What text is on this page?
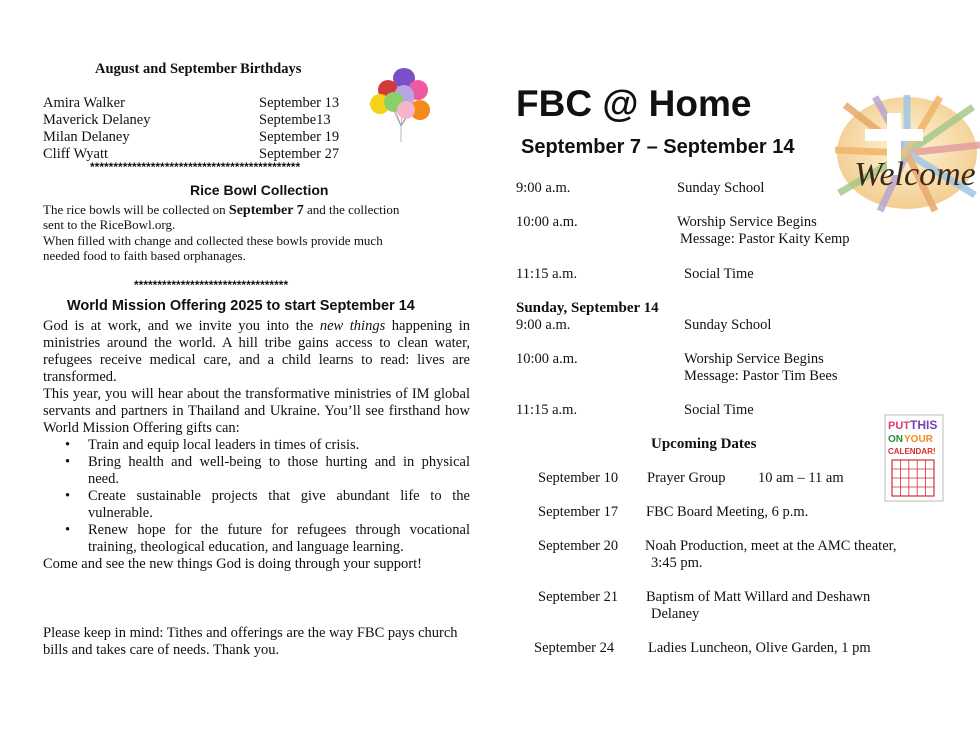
August and September Birthdays
Amira Walker	September 13
Maverick Delaney	Septembe13
Milan Delaney	September 19
Cliff Wyatt	September 27
*********************************************
Rice Bowl Collection
The rice bowls will be collected on September 7 and the collection
sent to the RiceBowl.org.
When filled with change and collected these bowls provide much
needed food to faith based orphanages.
*********************************
World Mission Offering 2025 to start September 14
God is at work, and we invite you into the new things happening in ministries around the world. A hill tribe gains access to clean water, refugees receive medical care, and a child learns to read: lives are transformed.
This year, you will hear about the transformative ministries of IM global servants and partners in Thailand and Ukraine. You’ll see firsthand how World Mission Offering gifts can:
• Train and equip local leaders in times of crisis.
• Bring health and well-being to those hurting and in physical need.
• Create sustainable projects that give abundant life to the vulnerable.
• Renew hope for the future for refugees through vocational training, theological education, and language learning.
Come and see the new things God is doing through your support!
Please keep in mind: Tithes and offerings are the way FBC pays church bills and takes care of needs. Thank you.
FBC @ Home
September 7 – September 14
Welcome
9:00 a.m.	Sunday School
10:00 a.m.	Worship Service Begins
Message: Pastor Kaity Kemp
11:15 a.m.	Social Time
Sunday, September 14
9:00 a.m.	Sunday School
10:00 a.m.	Worship Service Begins
Message: Pastor Tim Bees
11:15 a.m.	Social Time
Upcoming Dates
PUT THIS
ON YOUR
CALENDAR!
September 10 Prayer Group 10 am – 11 am
September 17 FBC Board Meeting, 6 p.m.
September 20 Noah Production, meet at the AMC theater,
3:45 pm.
September 21 Baptism of Matt Willard and Deshawn
Delaney
September 24 Ladies Luncheon, Olive Garden, 1 pm
